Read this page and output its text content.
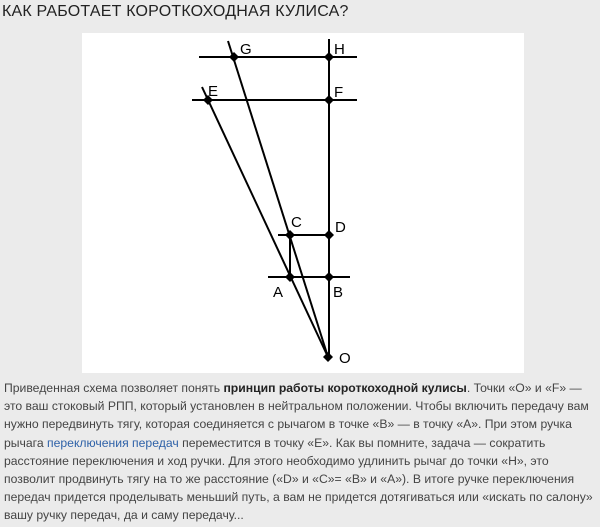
КАК РАБОТАЕТ КОРОТКОХОДНАЯ КУЛИСА?
G	H
E	F
C D
A	B
O
Приведенная схема позволяет понять принцип работы короткоходной кулисы. Точки «O» и «F» — это ваш стоковый РПП, который установлен в нейтральном положении. Чтобы включить передачу вам нужно передвинуть тягу, которая соединяется с рычагом в точке «В» — в точку «А». При этом ручка рычага переключения передач переместится в точку «Е». Как вы помните, задача — сократить расстояние переключения и ход ручки. Для этого необходимо удлинить рычаг до точки «Н», это позволит продвинуть тягу на то же расстояние («D» и «C»= «В» и «А»). В итоге ручке переключения передач придется проделывать меньший путь, а вам не придется дотягиваться или «искать по салону» вашу ручку передач, да и саму передачу...
